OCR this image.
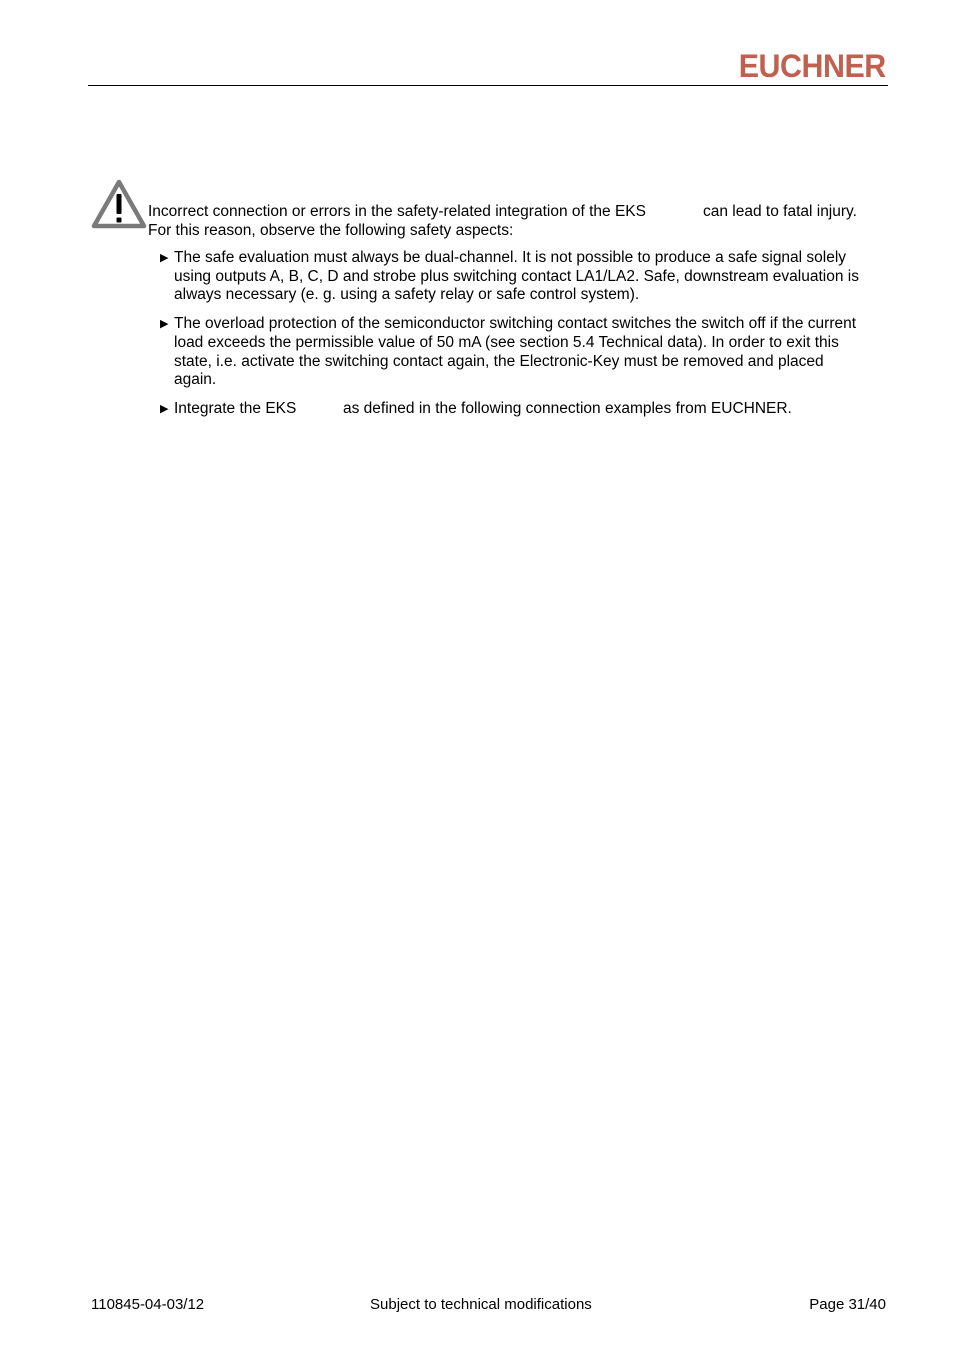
EUCHNER
Incorrect connection or errors in the safety-related integration of the EKS	can lead to fatal injury.
For this reason, observe the following safety aspects:
▶ The safe evaluation must always be dual-channel. It is not possible to produce a safe signal solely
using outputs A, B, C, D and strobe plus switching contact LA1/LA2. Safe, downstream evaluation is
always necessary (e. g. using a safety relay or safe control system).
▶ The overload protection of the semiconductor switching contact switches the switch off if the current
load exceeds the permissible value of 50 mA (see section 5.4 Technical data). In order to exit this
state, i.e. activate the switching contact again, the Electronic-Key must be removed and placed
again.
▶ Integrate the EKS	as defined in the following connection examples from EUCHNER.
110845-04-03/12	Subject to technical modifications	Page 31/40
